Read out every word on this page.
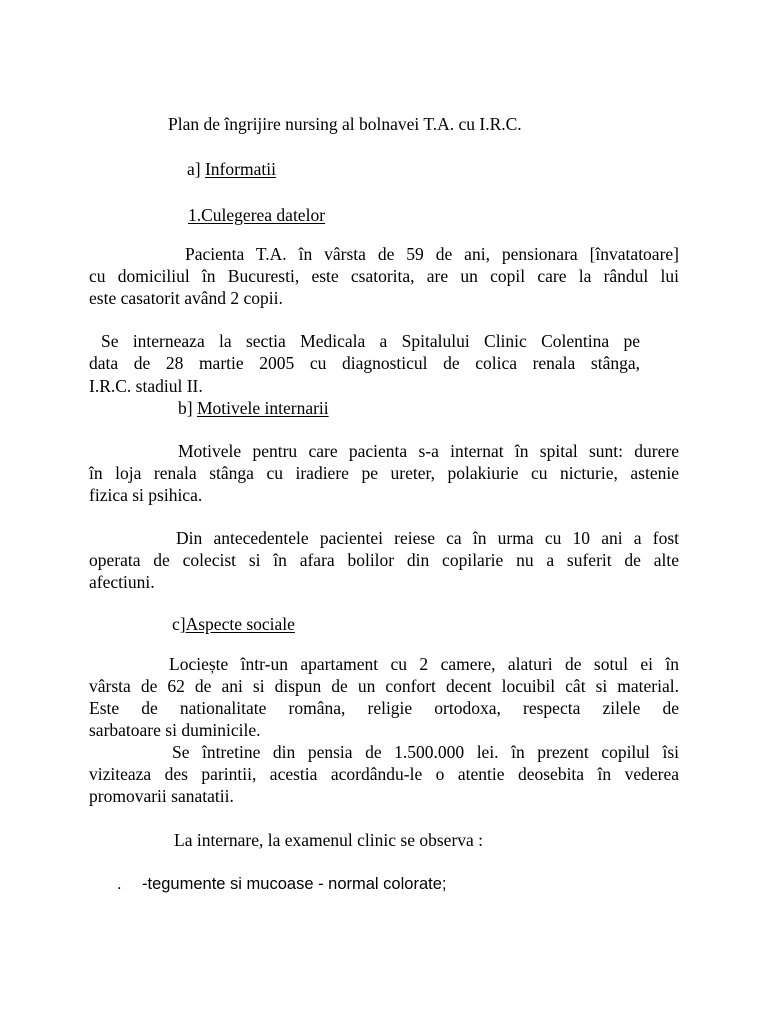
Plan de îngrijire nursing al bolnavei T.A. cu I.R.C.
a] Informatii
1.Culegerea datelor
Pacienta T.A. în vârsta de 59 de ani, pensionara [învatatoare]
cu domiciliul în Bucuresti, este csatorita, are un copil care la rândul lui
este casatorit având 2 copii.
Se interneaza la sectia Medicala a Spitalului Clinic Colentina pe
data de 28 martie 2005 cu diagnosticul de colica renala stânga,
I.R.C. stadiul II.
b] Motivele internarii
Motivele pentru care pacienta s-a internat în spital sunt: durere
în loja renala stânga cu iradiere pe ureter, polakiurie cu nicturie, astenie
fizica si psihica.
Din antecedentele pacientei reiese ca în urma cu 10 ani a fost
operata de colecist si în afara bolilor din copilarie nu a suferit de alte
afectiuni.
c]Aspecte sociale
Lociește într-un apartament cu 2 camere, alaturi de sotul ei în
vârsta de 62 de ani si dispun de un confort decent locuibil cât si material.
Este de nationalitate româna, religie ortodoxa, respecta zilele de
sarbatoare si duminicile.
Se întretine din pensia de 1.500.000 lei. în prezent copilul îsi
viziteaza des parintii, acestia acordându-le o atentie deosebita în vederea
promovarii sanatatii.
La internare, la examenul clinic se observa :
. -tegumente si mucoase - normal colorate;
